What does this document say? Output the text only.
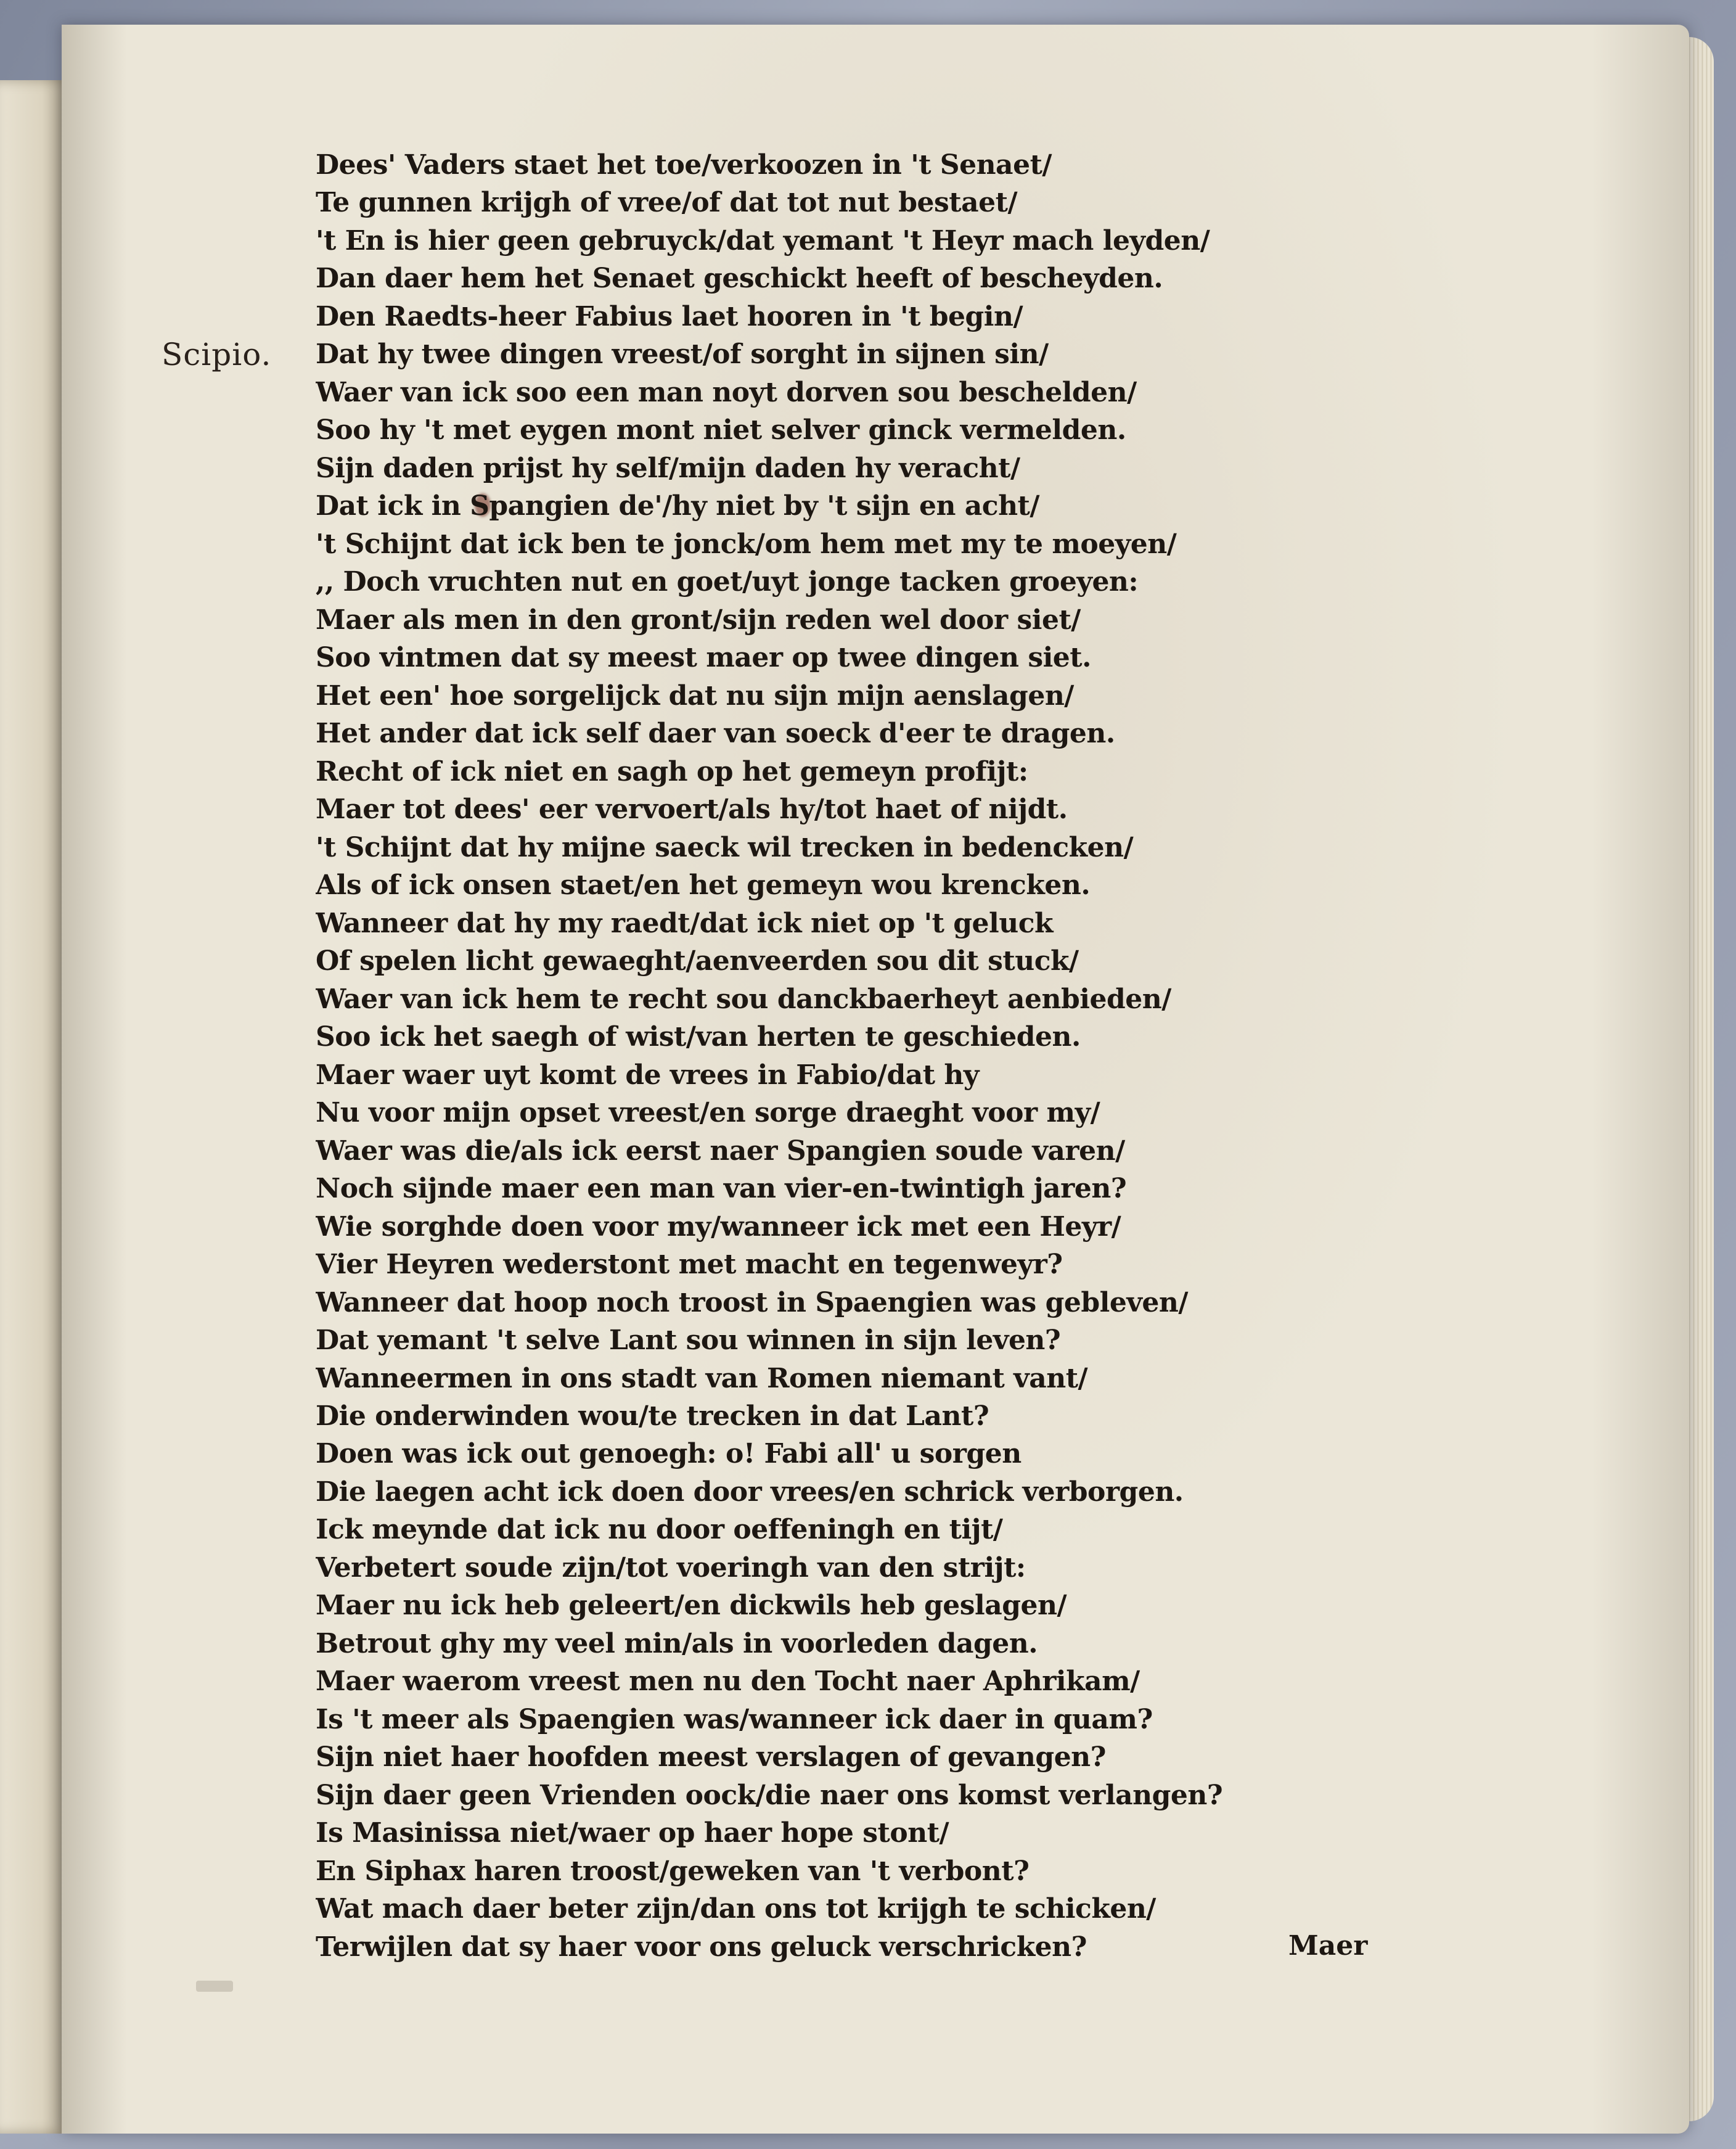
Scipio.
Dees' Vaders staet het toe/verkoozen in 't Senaet/
Te gunnen krijgh of vree/of dat tot nut bestaet/
't En is hier geen gebruyck/dat yemant 't Heyr mach leyden/
Dan daer hem het Senaet geschickt heeft of bescheyden.
Den Raedts-heer Fabius laet hooren in 't begin/
Dat hy twee dingen vreest/of sorght in sijnen sin/
Waer van ick soo een man noyt dorven sou beschelden/
Soo hy 't met eygen mont niet selver ginck vermelden.
Sijn daden prijst hy self/mijn daden hy veracht/
Dat ick in Spangien de'/hy niet by 't sijn en acht/
't Schijnt dat ick ben te jonck/om hem met my te moeyen/
,, Doch vruchten nut en goet/uyt jonge tacken groeyen:
Maer als men in den gront/sijn reden wel door siet/
Soo vintmen dat sy meest maer op twee dingen siet.
Het een' hoe sorgelijck dat nu sijn mijn aenslagen/
Het ander dat ick self daer van soeck d'eer te dragen.
Recht of ick niet en sagh op het gemeyn profijt:
Maer tot dees' eer vervoert/als hy/tot haet of nijdt.
't Schijnt dat hy mijne saeck wil trecken in bedencken/
Als of ick onsen staet/en het gemeyn wou krencken.
Wanneer dat hy my raedt/dat ick niet op 't geluck
Of spelen licht gewaeght/aenveerden sou dit stuck/
Waer van ick hem te recht sou danckbaerheyt aenbieden/
Soo ick het saegh of wist/van herten te geschieden.
Maer waer uyt komt de vrees in Fabio/dat hy
Nu voor mijn opset vreest/en sorge draeght voor my/
Waer was die/als ick eerst naer Spangien soude varen/
Noch sijnde maer een man van vier-en-twintigh jaren?
Wie sorghde doen voor my/wanneer ick met een Heyr/
Vier Heyren wederstont met macht en tegenweyr?
Wanneer dat hoop noch troost in Spaengien was gebleven/
Dat yemant 't selve Lant sou winnen in sijn leven?
Wanneermen in ons stadt van Romen niemant vant/
Die onderwinden wou/te trecken in dat Lant?
Doen was ick out genoegh: o! Fabi all' u sorgen
Die laegen acht ick doen door vrees/en schrick verborgen.
Ick meynde dat ick nu door oeffeningh en tijt/
Verbetert soude zijn/tot voeringh van den strijt:
Maer nu ick heb geleert/en dickwils heb geslagen/
Betrout ghy my veel min/als in voorleden dagen.
Maer waerom vreest men nu den Tocht naer Aphrikam/
Is 't meer als Spaengien was/wanneer ick daer in quam?
Sijn niet haer hoofden meest verslagen of gevangen?
Sijn daer geen Vrienden oock/die naer ons komst verlangen?
Is Masinissa niet/waer op haer hope stont/
En Siphax haren troost/geweken van 't verbont?
Wat mach daer beter zijn/dan ons tot krijgh te schicken/
Terwijlen dat sy haer voor ons geluck verschricken?	Maer
